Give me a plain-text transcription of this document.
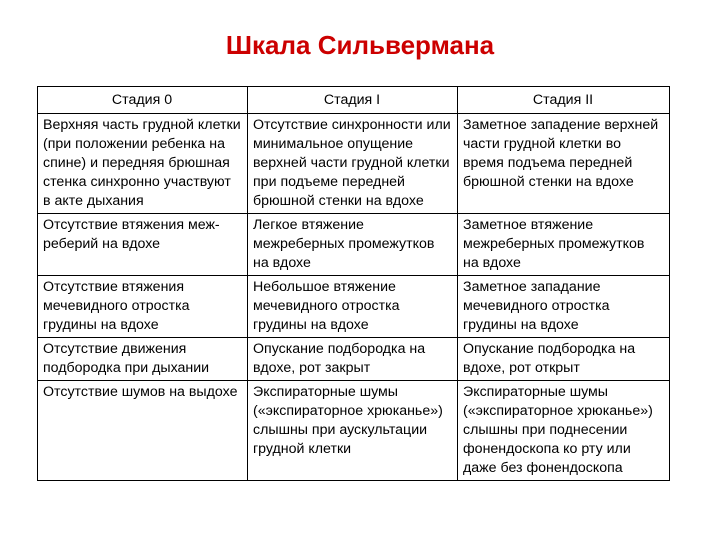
Шкала Сильвермана
Стадия 0	Стадия I	Стадия II
Верхняя часть грудной клетки (при положении ребенка на спине) и передняя брюшная стенка синхронно участвуют в акте дыхания	Отсутствие синхронности или минимальное опущение верхней части грудной клетки при подъеме передней брюшной стенки на вдохе	Заметное западение верхней части грудной клетки во время подъема передней брюшной стенки на вдохе
Отсутствие втяжения меж-реберий на вдохе	Легкое втяжение межреберных промежутков на вдохе	Заметное втяжение межреберных промежутков на вдохе
Отсутствие втяжения мечевидного отростка грудины на вдохе	Небольшое втяжение мечевидного отростка грудины на вдохе	Заметное западание мечевидного отростка грудины на вдохе
Отсутствие движения подбородка при дыхании	Опускание подбородка на вдохе, рот закрыт	Опускание подбородка на вдохе, рот открыт
Отсутствие шумов на выдохе	Экспираторные шумы («экспираторное хрюканье») слышны при аускультации грудной клетки	Экспираторные шумы («экспираторное хрюканье») слышны при поднесении фонендоскопа ко рту или даже без фонендоскопа
